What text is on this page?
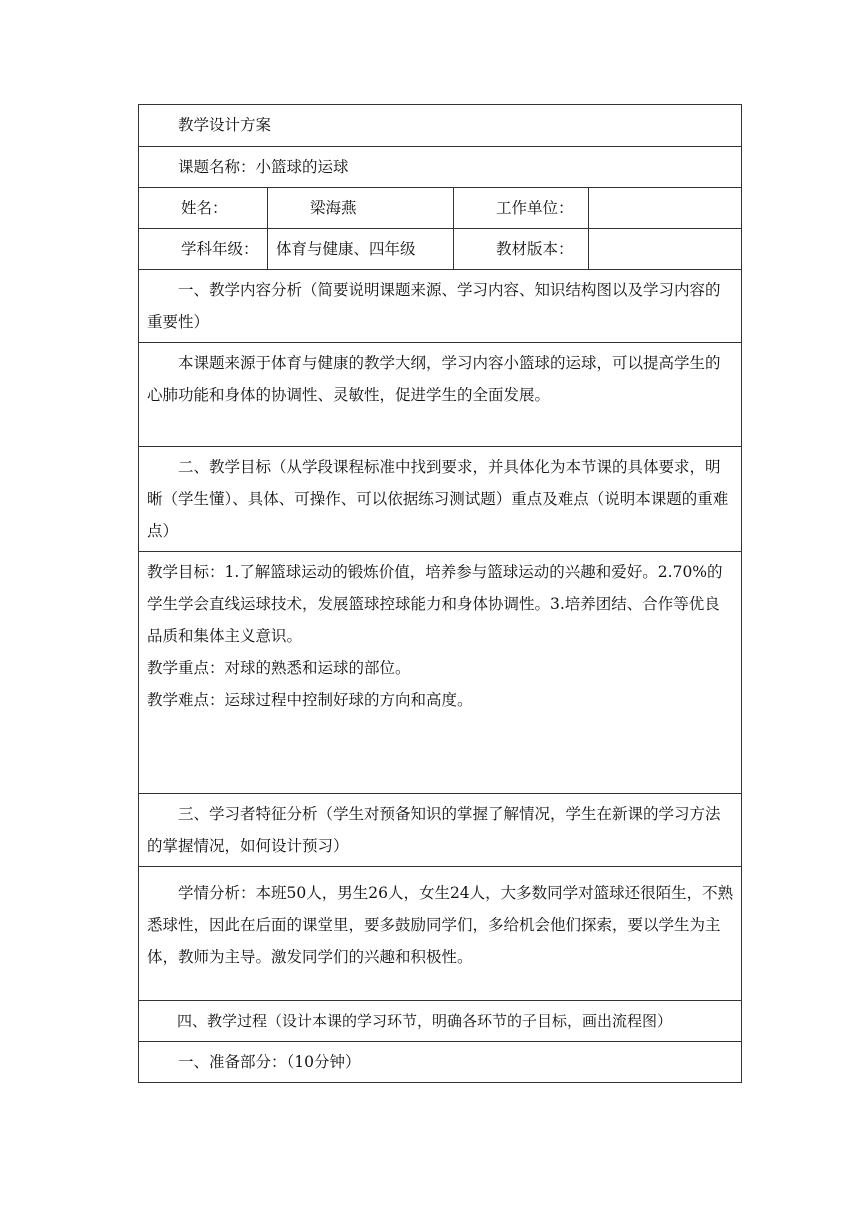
教学设计方案
课题名称：小篮球的运球
姓名：	梁海燕	工作单位：
学科年级：	体育与健康、四年级	教材版本：

一、教学内容分析（简要说明课题来源、学习内容、知识结构图以及学习内容的重要性）

本课题来源于体育与健康的教学大纲，学习内容小篮球的运球，可以提高学生的心肺功能和身体的协调性、灵敏性，促进学生的全面发展。

二、教学目标（从学段课程标准中找到要求，并具体化为本节课的具体要求，明晰（学生懂）、具体、可操作、可以依据练习测试题）重点及难点（说明本课题的重难点）

教学目标：1.了解篮球运动的锻炼价值，培养参与篮球运动的兴趣和爱好。2.70%的学生学会直线运球技术，发展篮球控球能力和身体协调性。3.培养团结、合作等优良品质和集体主义意识。

教学重点：对球的熟悉和运球的部位。

教学难点：运球过程中控制好球的方向和高度。

三、学习者特征分析（学生对预备知识的掌握了解情况，学生在新课的学习方法的掌握情况，如何设计预习）

学情分析：本班50人，男生26人，女生24人，大多数同学对篮球还很陌生，不熟悉球性，因此在后面的课堂里，要多鼓励同学们，多给机会他们探索，要以学生为主体，教师为主导。激发同学们的兴趣和积极性。

四、教学过程（设计本课的学习环节，明确各环节的子目标，画出流程图）
一、准备部分：（10分钟）
